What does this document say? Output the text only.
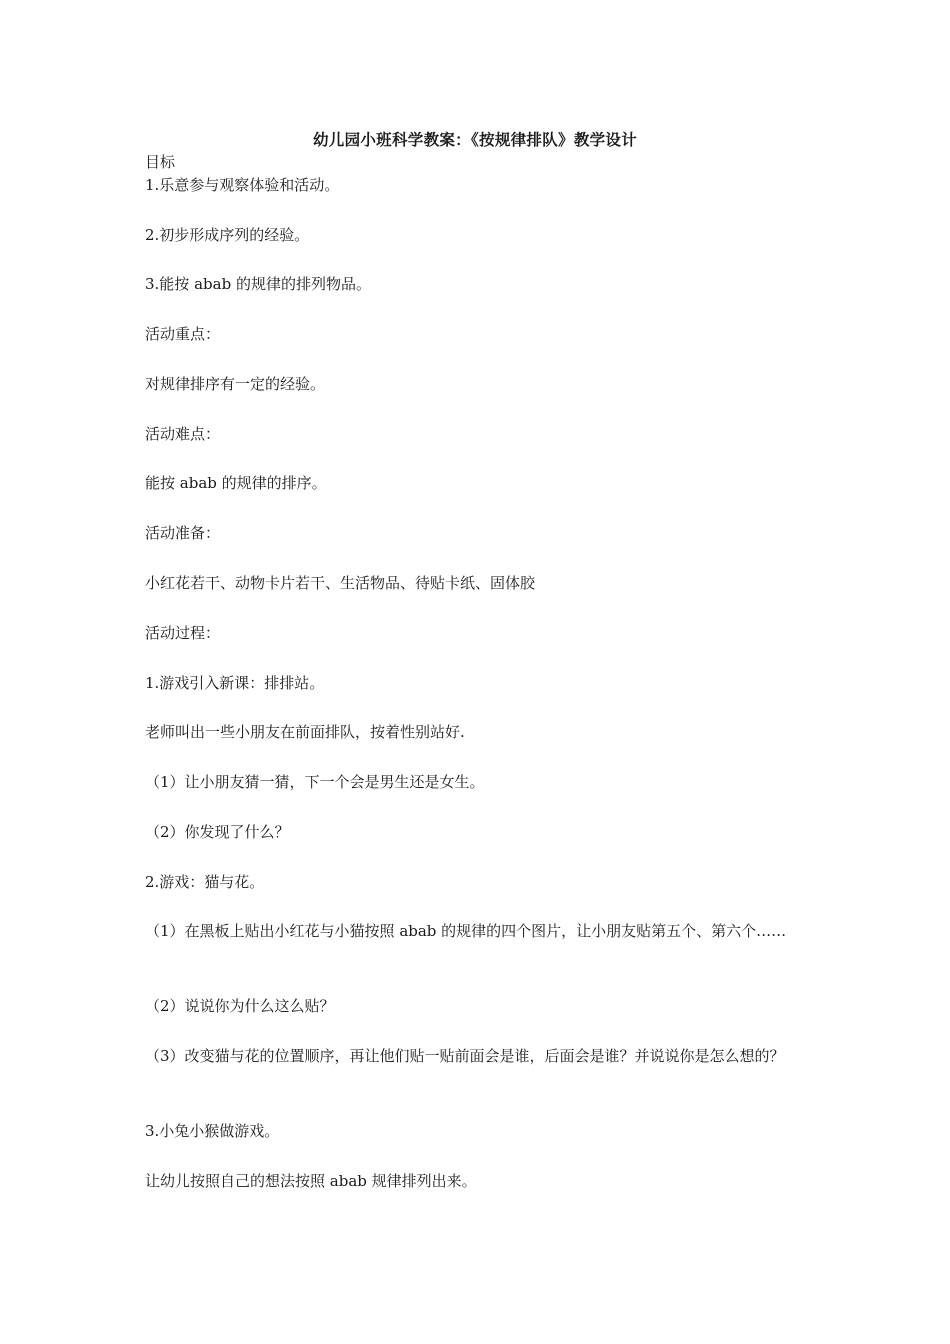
幼儿园小班科学教案：《按规律排队》教学设计
目标
1.乐意参与观察体验和活动。
2.初步形成序列的经验。
3.能按 abab 的规律的排列物品。
活动重点：
对规律排序有一定的经验。
活动难点：
能按 abab 的规律的排序。
活动准备：
小红花若干、动物卡片若干、生活物品、待贴卡纸、固体胶
活动过程：
1.游戏引入新课：排排站。
老师叫出一些小朋友在前面排队，按着性别站好.
（1）让小朋友猜一猜，下一个会是男生还是女生。
（2）你发现了什么？
2.游戏：猫与花。
（1）在黑板上贴出小红花与小猫按照 abab 的规律的四个图片，让小朋友贴第五个、第六个……
（2）说说你为什么这么贴？
（3）改变猫与花的位置顺序，再让他们贴一贴前面会是谁，后面会是谁？并说说你是怎么想的？
3.小兔小猴做游戏。
让幼儿按照自己的想法按照 abab 规律排列出来。
